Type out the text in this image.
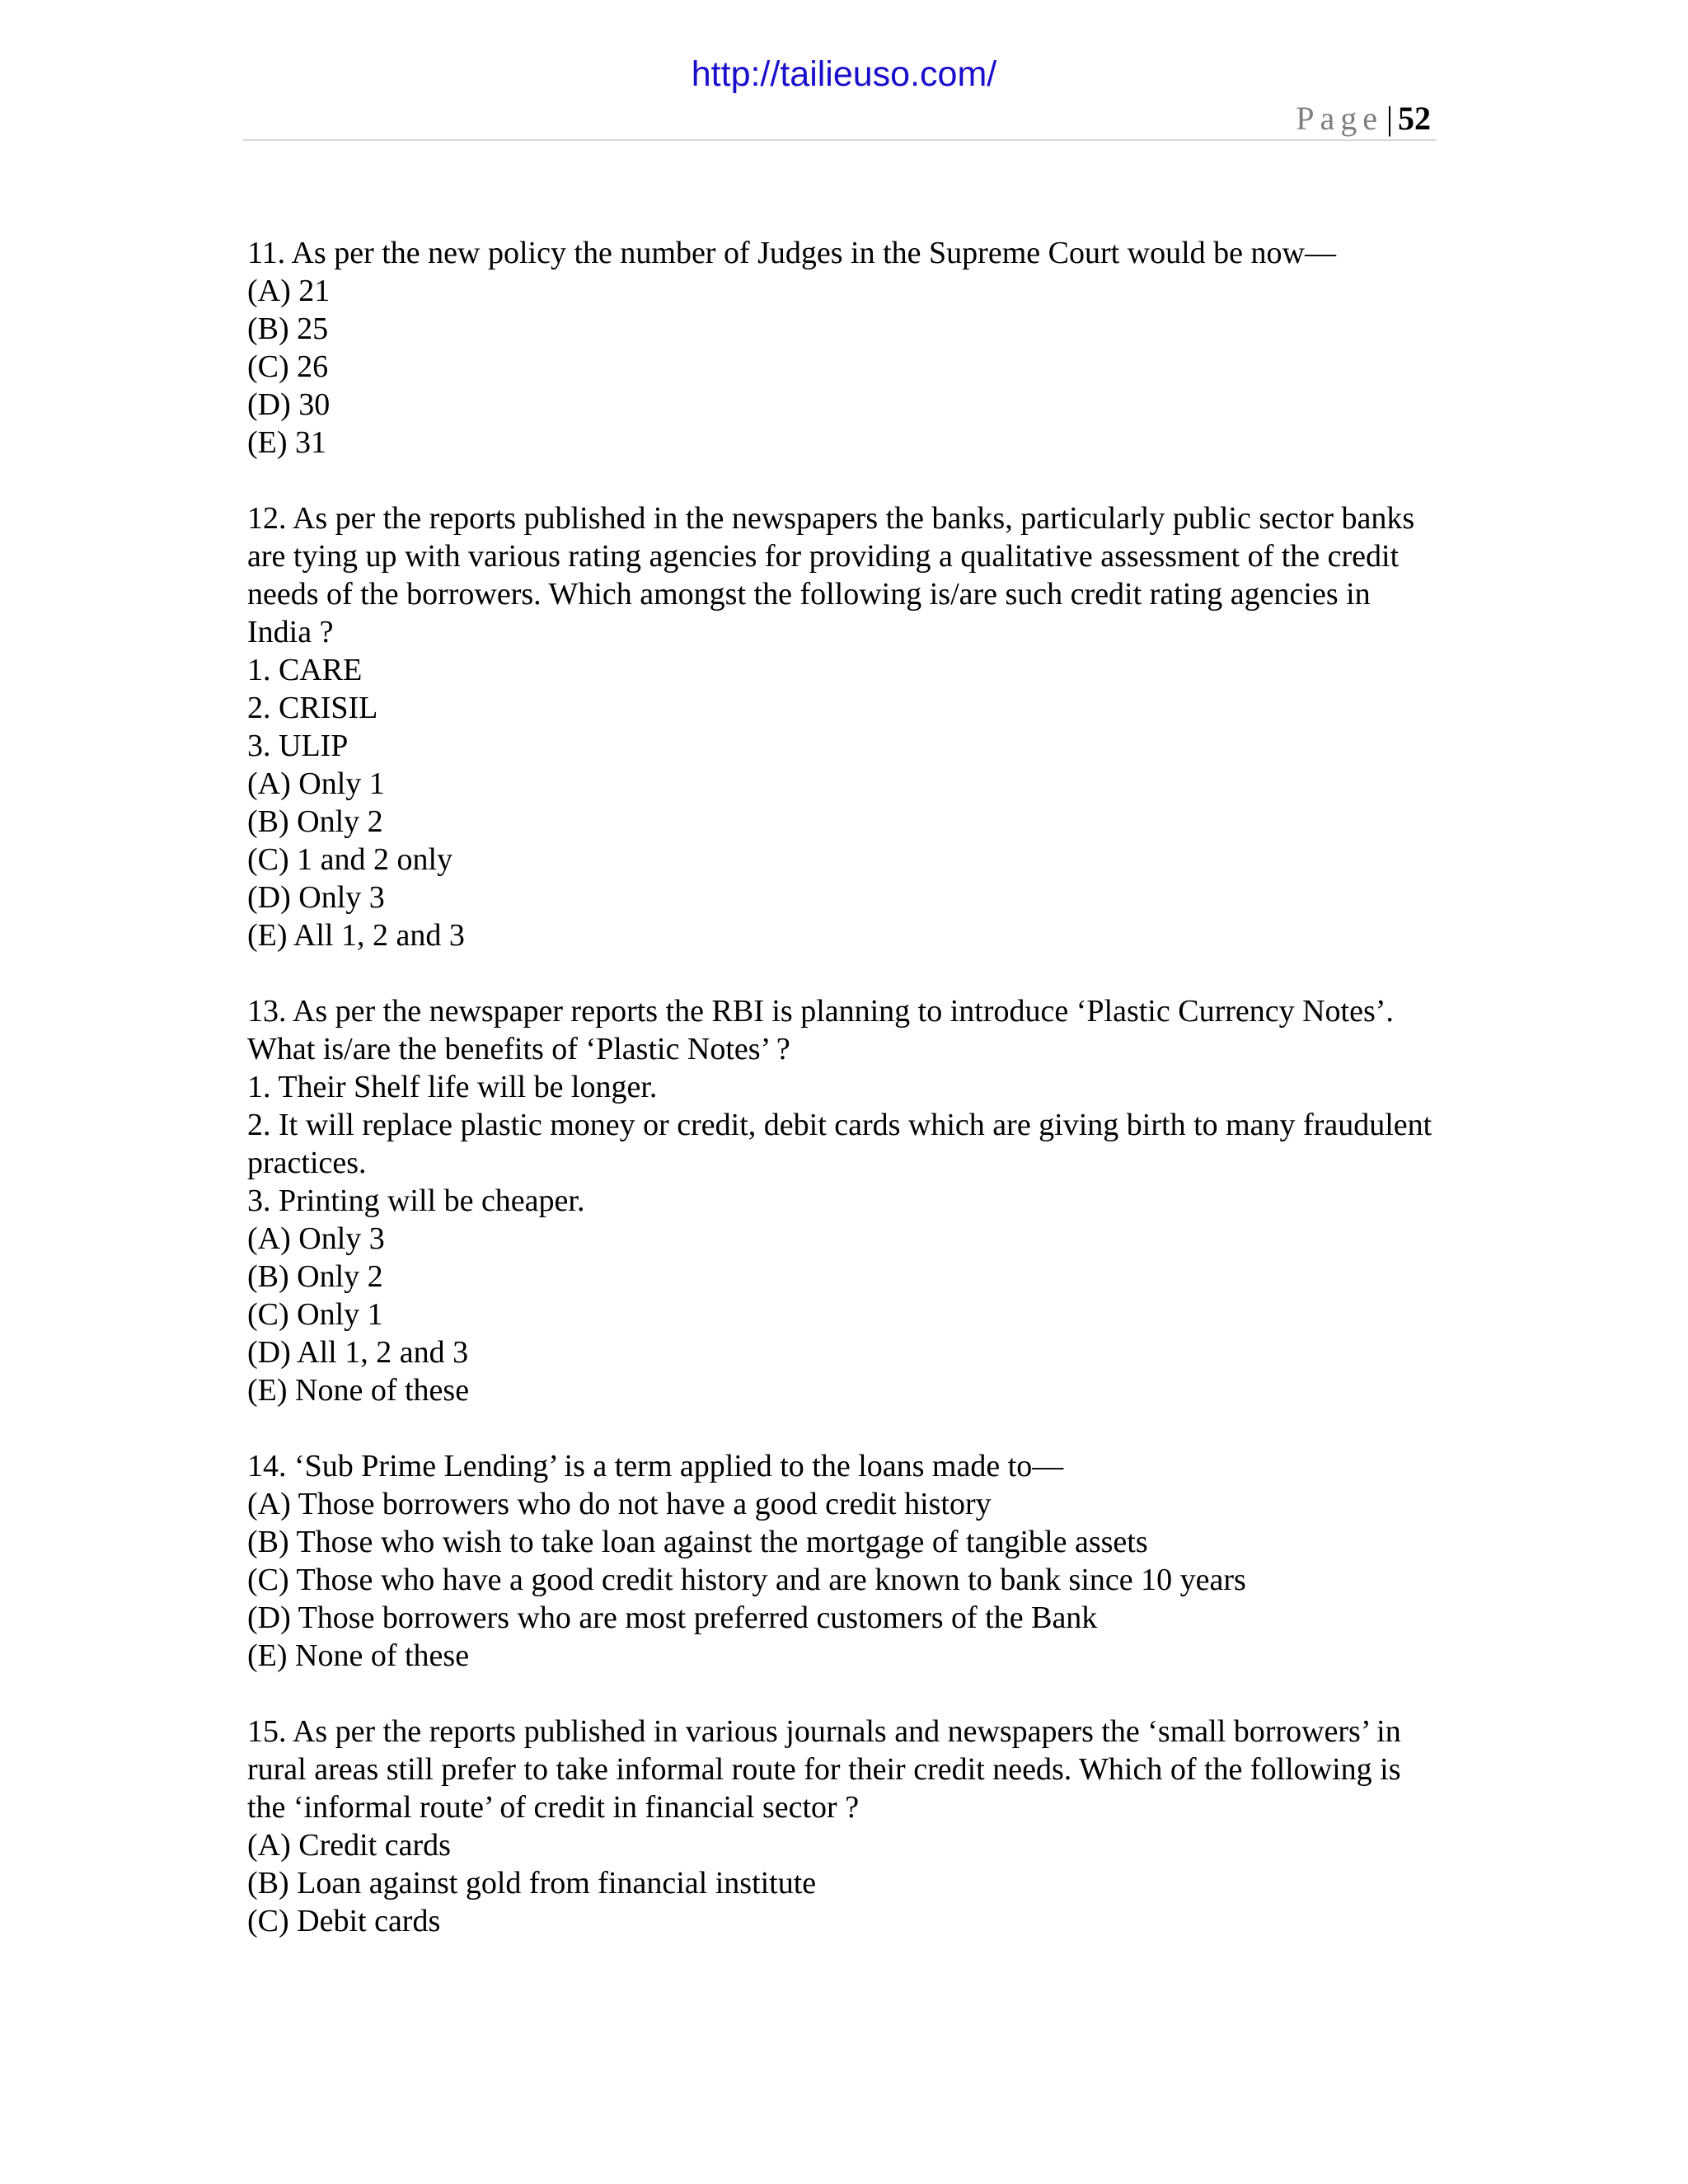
http://tailieuso.com/
Page | 52
11. As per the new policy the number of Judges in the Supreme Court would be now—
(A) 21
(B) 25
(C) 26
(D) 30
(E) 31
12. As per the reports published in the newspapers the banks, particularly public sector banks are tying up with various rating agencies for providing a qualitative assessment of the credit needs of the borrowers. Which amongst the following is/are such credit rating agencies in India ?
1. CARE
2. CRISIL
3. ULIP
(A) Only 1
(B) Only 2
(C) 1 and 2 only
(D) Only 3
(E) All 1, 2 and 3
13. As per the newspaper reports the RBI is planning to introduce ‘Plastic Currency Notes’. What is/are the benefits of ‘Plastic Notes’ ?
1. Their Shelf life will be longer.
2. It will replace plastic money or credit, debit cards which are giving birth to many fraudulent practices.
3. Printing will be cheaper.
(A) Only 3
(B) Only 2
(C) Only 1
(D) All 1, 2 and 3
(E) None of these
14. ‘Sub Prime Lending’ is a term applied to the loans made to—
(A) Those borrowers who do not have a good credit history
(B) Those who wish to take loan against the mortgage of tangible assets
(C) Those who have a good credit history and are known to bank since 10 years
(D) Those borrowers who are most preferred customers of the Bank
(E) None of these
15. As per the reports published in various journals and newspapers the ‘small borrowers’ in rural areas still prefer to take informal route for their credit needs. Which of the following is the ‘informal route’ of credit in financial sector ?
(A) Credit cards
(B) Loan against gold from financial institute
(C) Debit cards
